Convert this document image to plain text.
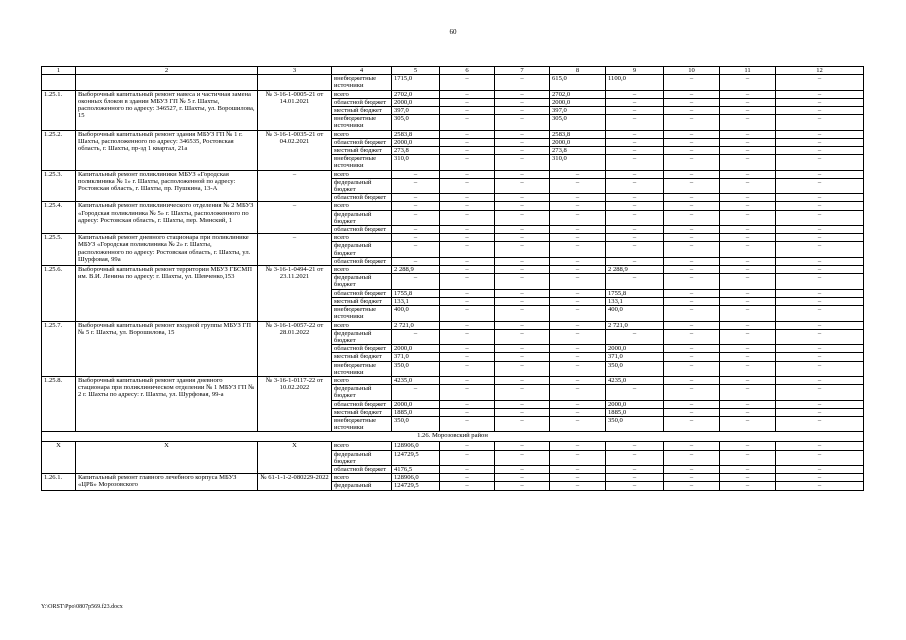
60
1	2	3	4	5	6	7	8	9	10	11	12
			внебюджетные источники	1715,0	–	–	615,0	1100,0	–	–	–
1.25.1.	Выборочный капитальный ремонт навеса и частичная замена оконных блоков в здании МБУЗ ГП № 5 г. Шахты, расположенного по адресу: 346527, г. Шахты, ул. Ворошилова, 15	№ 3-16-1-0005-21 от 14.01.2021	всего	2702,0	–	–	2702,0	–	–	–	–
			областной бюджет	2000,0	–	–	2000,0	–	–	–	–
			местный бюджет	397,0	–	–	397,0	–	–	–	–
			внебюджетные источники	305,0	–	–	305,0	–	–	–	–
1.25.2.	Выборочный капитальный ремонт здания МБУЗ ГП № 1 г. Шахты, расположенного по адресу: 346535, Ростовская область, г. Шахты, пр-зд 1 квартал, 21а	№ 3-16-1-0035-21 от 04.02.2021	всего	2583,8	–	–	2583,8	–	–	–	–
			областной бюджет	2000,0	–	–	2000,0	–	–	–	–
			местный бюджет	273,8	–	–	273,8	–	–	–	–
			внебюджетные источники	310,0	–	–	310,0	–	–	–	–
1.25.3.	Капитальный ремонт поликлиники МБУЗ «Городская поликлиника № 1» г. Шахты, расположенной по адресу: Ростовская область, г. Шахты, пр. Пушкина, 13-А	–	всего	–	–	–	–	–	–	–	–
			федеральный бюджет	–	–	–	–	–	–	–	–
			областной бюджет	–	–	–	–	–	–	–	–
1.25.4.	Капитальный ремонт поликлинического отделения № 2 МБУЗ «Городская поликлиника № 5» г. Шахты, расположенного по адресу: Ростовская область, г. Шахты, пер. Минский, 1	–	всего	–	–	–	–	–	–	–	–
			федеральный бюджет	–	–	–	–	–	–	–	–
			областной бюджет	–	–	–	–	–	–	–	–
1.25.5.	Капитальный ремонт дневного стационара при поликлинике МБУЗ «Городская поликлиника № 2» г. Шахты, расположенного по адресу: Ростовская область, г. Шахты, ул. Шурфовая, 99а	–	всего	–	–	–	–	–	–	–	–
			федеральный бюджет	–	–	–	–	–	–	–	–
			областной бюджет	–	–	–	–	–	–	–	–
1.25.6.	Выборочный капитальный ремонт территории МБУЗ ГБСМП им. В.И. Ленина по адресу: г. Шахты, ул. Шевченко,153	№ 3-16-1-0494-21 от 23.11.2021	всего	2 288,9	–	–	–	2 288,9	–	–	–
			федеральный бюджет	–	–	–	–	–	–	–	–
			областной бюджет	1755,8	–	–	–	1755,8	–	–	–
			местный бюджет	133,1	–	–	–	133,1	–	–	–
			внебюджетные источники	400,0	–	–	–	400,0	–	–	–
1.25.7.	Выборочный капитальный ремонт входной группы МБУЗ ГП № 5 г. Шахты, ул. Ворошилова, 15	№ 3-16-1-0057-22 от 28.01.2022	всего	2 721,0	–	–	–	2 721,0	–	–	–
			федеральный бюджет	–	–	–	–	–	–	–	–
			областной бюджет	2000,0	–	–	–	2000,0	–	–	–
			местный бюджет	371,0	–	–	–	371,0	–	–	–
			внебюджетные источники	350,0	–	–	–	350,0	–	–	–
1.25.8.	Выборочный капитальный ремонт здания дневного стационара при поликлиническом отделении № 1 МБУЗ ГП № 2 г. Шахты по адресу: г. Шахты, ул. Шурфовая, 99-а	№ 3-16-1-0117-22 от 10.02.2022	всего	4235,0	–	–	–	4235,0	–	–	–
			федеральный бюджет	–	–	–	–	–	–	–	–
			областной бюджет	2000,0	–	–	–	2000,0	–	–	–
			местный бюджет	1885,0	–	–	–	1885,0	–	–	–
			внебюджетные источники	350,0	–	–	–	350,0	–	–	–
1.26. Морозовский район											
Х	Х	Х	всего	128906,0	–	–	–	–	–	–	–
			федеральный бюджет	124729,5	–	–	–	–	–	–	–
			областной бюджет	4176,5	–	–	–	–	–	–	–
1.26.1.	Капитальный ремонт главного лечебного корпуса МБУЗ «ЦРБ» Морозовского	№ 61-1-1-2-080229-2022	всего	128906,0	–	–	–	–	–	–	–
			федеральный	124729,5	–	–	–	–	–	–	–
Y:\ORST\Ppo\0807p569.f23.docx
